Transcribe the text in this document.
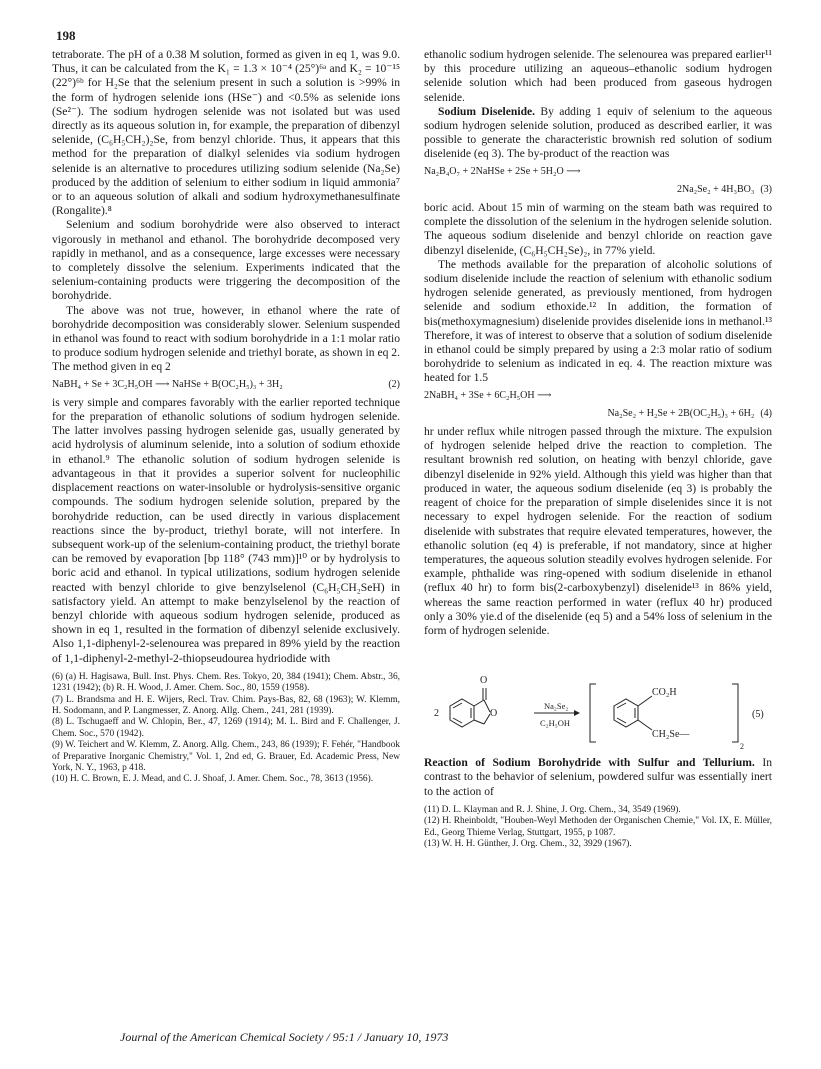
198

tetraborate. The pH of a 0.38 M solution, formed as given in eq 1, was 9.0. Thus, it can be calculated from the K₁ = 1.3 × 10⁻⁴ (25°)⁶ᵃ and K₂ = 10⁻¹⁵ (22°)⁶ᵇ for H₂Se that the selenium present in such a solution is >99% in the form of hydrogen selenide ions (HSe⁻) and <0.5% as selenide ions (Se²⁻). The sodium hydrogen selenide was not isolated but was used directly as its aqueous solution in, for example, the preparation of dibenzyl selenide, (C₆H₅CH₂)₂Se, from benzyl chloride. Thus, it appears that this method for the preparation of dialkyl selenides via sodium hydrogen selenide is an alternative to procedures utilizing sodium selenide (Na₂Se) produced by the addition of selenium to either sodium in liquid ammonia⁷ or to an aqueous solution of alkali and sodium hydroxymethanesulfinate (Rongalite).⁸

Selenium and sodium borohydride were also observed to interact vigorously in methanol and ethanol. The borohydride decomposed very rapidly in methanol, and as a consequence, large excesses were necessary to completely dissolve the selenium. Experiments indicated that the selenium-containing products were triggering the decomposition of the borohydride.

The above was not true, however, in ethanol where the rate of borohydride decomposition was considerably slower. Selenium suspended in ethanol was found to react with sodium borohydride in a 1:1 molar ratio to produce sodium hydrogen selenide and triethyl borate, as shown in eq 2. The method given in eq 2

NaBH₄ + Se + 3C₂H₅OH ⟶ NaHSe + B(OC₂H₅)₃ + 3H₂	(2)

is very simple and compares favorably with the earlier reported technique for the preparation of ethanolic solutions of sodium hydrogen selenide. The latter involves passing hydrogen selenide gas, usually generated by acid hydrolysis of aluminum selenide, into a solution of sodium ethoxide in ethanol.⁹ The ethanolic solution of sodium hydrogen selenide is advantageous in that it provides a superior solvent for nucleophilic displacement reactions on water-insoluble or hydrolysis-sensitive organic compounds. The sodium hydrogen selenide solution, prepared by the borohydride reduction, can be used directly in various displacement reactions since the by-product, triethyl borate, will not interfere. In subsequent work-up of the selenium-containing product, the triethyl borate can be removed by evaporation [bp 118° (743 mm)]¹⁰ or by hydrolysis to boric acid and ethanol. In typical utilizations, sodium hydrogen selenide reacted with benzyl chloride to give benzylselenol (C₆H₅CH₂SeH) in satisfactory yield. An attempt to make benzylselenol by the reaction of benzyl chloride with aqueous sodium hydrogen selenide, produced as shown in eq 1, resulted in the formation of dibenzyl selenide exclusively. Also 1,1-diphenyl-2-selenourea was prepared in 89% yield by the reaction of 1,1-diphenyl-2-methyl-2-thiopseudourea hydriodide with

(6) (a) H. Hagisawa, Bull. Inst. Phys. Chem. Res. Tokyo, 20, 384 (1941); Chem. Abstr., 36, 1231 (1942); (b) R. H. Wood, J. Amer. Chem. Soc., 80, 1559 (1958).

(7) L. Brandsma and H. E. Wijers, Recl. Trav. Chim. Pays-Bas, 82, 68 (1963); W. Klemm, H. Sodomann, and P. Langmesser, Z. Anorg. Allg. Chem., 241, 281 (1939).

(8) L. Tschugaeff and W. Chlopin, Ber., 47, 1269 (1914); M. L. Bird and F. Challenger, J. Chem. Soc., 570 (1942).

(9) W. Teichert and W. Klemm, Z. Anorg. Allg. Chem., 243, 86 (1939); F. Fehér, "Handbook of Preparative Inorganic Chemistry," Vol. 1, 2nd ed, G. Brauer, Ed. Academic Press, New York, N. Y., 1963, p 418.

(10) H. C. Brown, E. J. Mead, and C. J. Shoaf, J. Amer. Chem. Soc., 78, 3613 (1956).

ethanolic sodium hydrogen selenide. The selenourea was prepared earlier¹¹ by this procedure utilizing an aqueous–ethanolic sodium hydrogen selenide solution which had been produced from gaseous hydrogen selenide.

Sodium Diselenide. By adding 1 equiv of selenium to the aqueous sodium hydrogen selenide solution, produced as described earlier, it was possible to generate the characteristic brownish red solution of sodium diselenide (eq 3). The by-product of the reaction was

Na₂B₄O₇ + 2NaHSe + 2Se + 5H₂O ⟶
2Na₂Se₂ + 4H₃BO₃ (3)

boric acid. About 15 min of warming on the steam bath was required to complete the dissolution of the selenium in the hydrogen selenide solution. The aqueous sodium diselenide and benzyl chloride on reaction gave dibenzyl diselenide, (C₆H₅CH₂Se)₂, in 77% yield.

The methods available for the preparation of alcoholic solutions of sodium diselenide include the reaction of selenium with ethanolic sodium hydrogen selenide generated, as previously mentioned, from hydrogen selenide and sodium ethoxide.¹² In addition, the formation of bis(methoxymagnesium) diselenide provides diselenide ions in methanol.¹³ Therefore, it was of interest to observe that a solution of sodium diselenide in ethanol could be simply prepared by using a 2:3 molar ratio of sodium borohydride to selenium as indicated in eq. 4. The reaction mixture was heated for 1.5

2NaBH₄ + 3Se + 6C₂H₅OH ⟶
Na₂Se₂ + H₂Se + 2B(OC₂H₅)₃ + 6H₂ (4)

hr under reflux while nitrogen passed through the mixture. The expulsion of hydrogen selenide helped drive the reaction to completion. The resultant brownish red solution, on heating with benzyl chloride, gave dibenzyl diselenide in 92% yield. Although this yield was higher than that produced in water, the aqueous sodium diselenide (eq 3) is probably the reagent of choice for the preparation of simple diselenides since it is not necessary to expel hydrogen selenide. For the reaction of sodium diselenide with substrates that require elevated temperatures, however, the ethanolic solution (eq 4) is preferable, if not mandatory, since at higher temperatures, the aqueous solution steadily evolves hydrogen selenide. For example, phthalide was ring-opened with sodium diselenide in ethanol (reflux 40 hr) to form bis(2-carboxybenzyl) diselenide¹³ in 86% yield, whereas the same reaction performed in water (reflux 40 hr) produced only a 30% yie.d of the diselenide (eq 5) and a 54% loss of selenium in the form of hydrogen selenide.

2
O
O
Na₂Se₂
C₂H₅OH
CO₂H
CH₂Se—
2
(5)

Reaction of Sodium Borohydride with Sulfur and Tellurium. In contrast to the behavior of selenium, powdered sulfur was essentially inert to the action of

(11) D. L. Klayman and R. J. Shine, J. Org. Chem., 34, 3549 (1969).

(12) H. Rheinboldt, "Houben-Weyl Methoden der Organischen Chemie," Vol. IX, E. Müller, Ed., Georg Thieme Verlag, Stuttgart, 1955, p 1087.

(13) W. H. H. Günther, J. Org. Chem., 32, 3929 (1967).

Journal of the American Chemical Society / 95:1 / January 10, 1973
